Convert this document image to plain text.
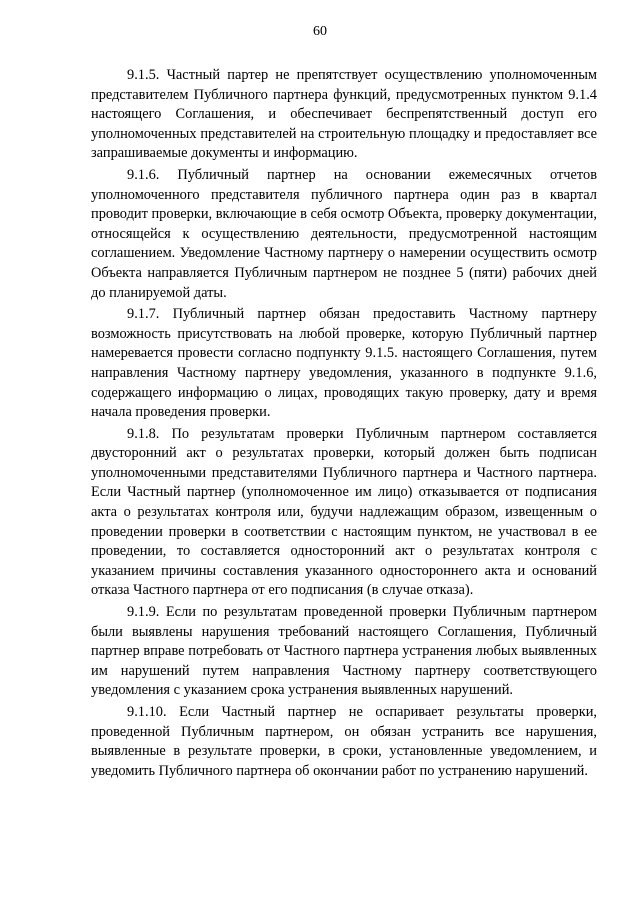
60

9.1.5. Частный партер не препятствует осуществлению уполномоченным представителем Публичного партнера функций, предусмотренных пунктом 9.1.4 настоящего Соглашения, и обеспечивает беспрепятственный доступ его уполномоченных представителей на строительную площадку и предоставляет все запрашиваемые документы и информацию.

9.1.6. Публичный партнер на основании ежемесячных отчетов уполномоченного представителя публичного партнера один раз в квартал проводит проверки, включающие в себя осмотр Объекта, проверку документации, относящейся к осуществлению деятельности, предусмотренной настоящим соглашением. Уведомление Частному партнеру о намерении осуществить осмотр Объекта направляется Публичным партнером не позднее 5 (пяти) рабочих дней до планируемой даты.

9.1.7. Публичный партнер обязан предоставить Частному партнеру возможность присутствовать на любой проверке, которую Публичный партнер намеревается провести согласно подпункту 9.1.5. настоящего Соглашения, путем направления Частному партнеру уведомления, указанного в подпункте 9.1.6, содержащего информацию о лицах, проводящих такую проверку, дату и время начала проведения проверки.

9.1.8. По результатам проверки Публичным партнером составляется двусторонний акт о результатах проверки, который должен быть подписан уполномоченными представителями Публичного партнера и Частного партнера. Если Частный партнер (уполномоченное им лицо) отказывается от подписания акта о результатах контроля или, будучи надлежащим образом, извещенным о проведении проверки в соответствии с настоящим пунктом, не участвовал в ее проведении, то составляется односторонний акт о результатах контроля с указанием причины составления указанного одностороннего акта и оснований отказа Частного партнера от его подписания (в случае отказа).

9.1.9. Если по результатам проведенной проверки Публичным партнером были выявлены нарушения требований настоящего Соглашения, Публичный партнер вправе потребовать от Частного партнера устранения любых выявленных им нарушений путем направления Частному партнеру соответствующего уведомления с указанием срока устранения выявленных нарушений.

9.1.10. Если Частный партнер не оспаривает результаты проверки, проведенной Публичным партнером, он обязан устранить все нарушения, выявленные в результате проверки, в сроки, установленные уведомлением, и уведомить Публичного партнера об окончании работ по устранению нарушений.
